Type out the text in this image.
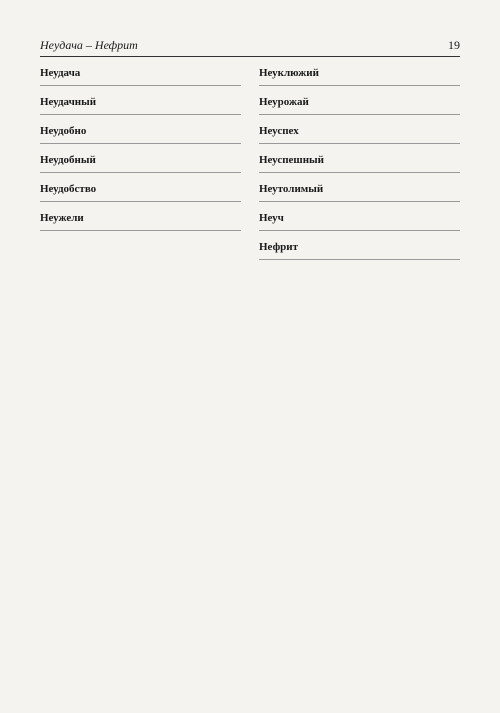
Неудача – Нефрит	19
Неудача
Неудачный
Неудобно
Неудобный
Неудобство
Неужели
Неуклюжий
Неурожай
Неуспех
Неуспешный
Неутолимый
Неуч
Нефрит
